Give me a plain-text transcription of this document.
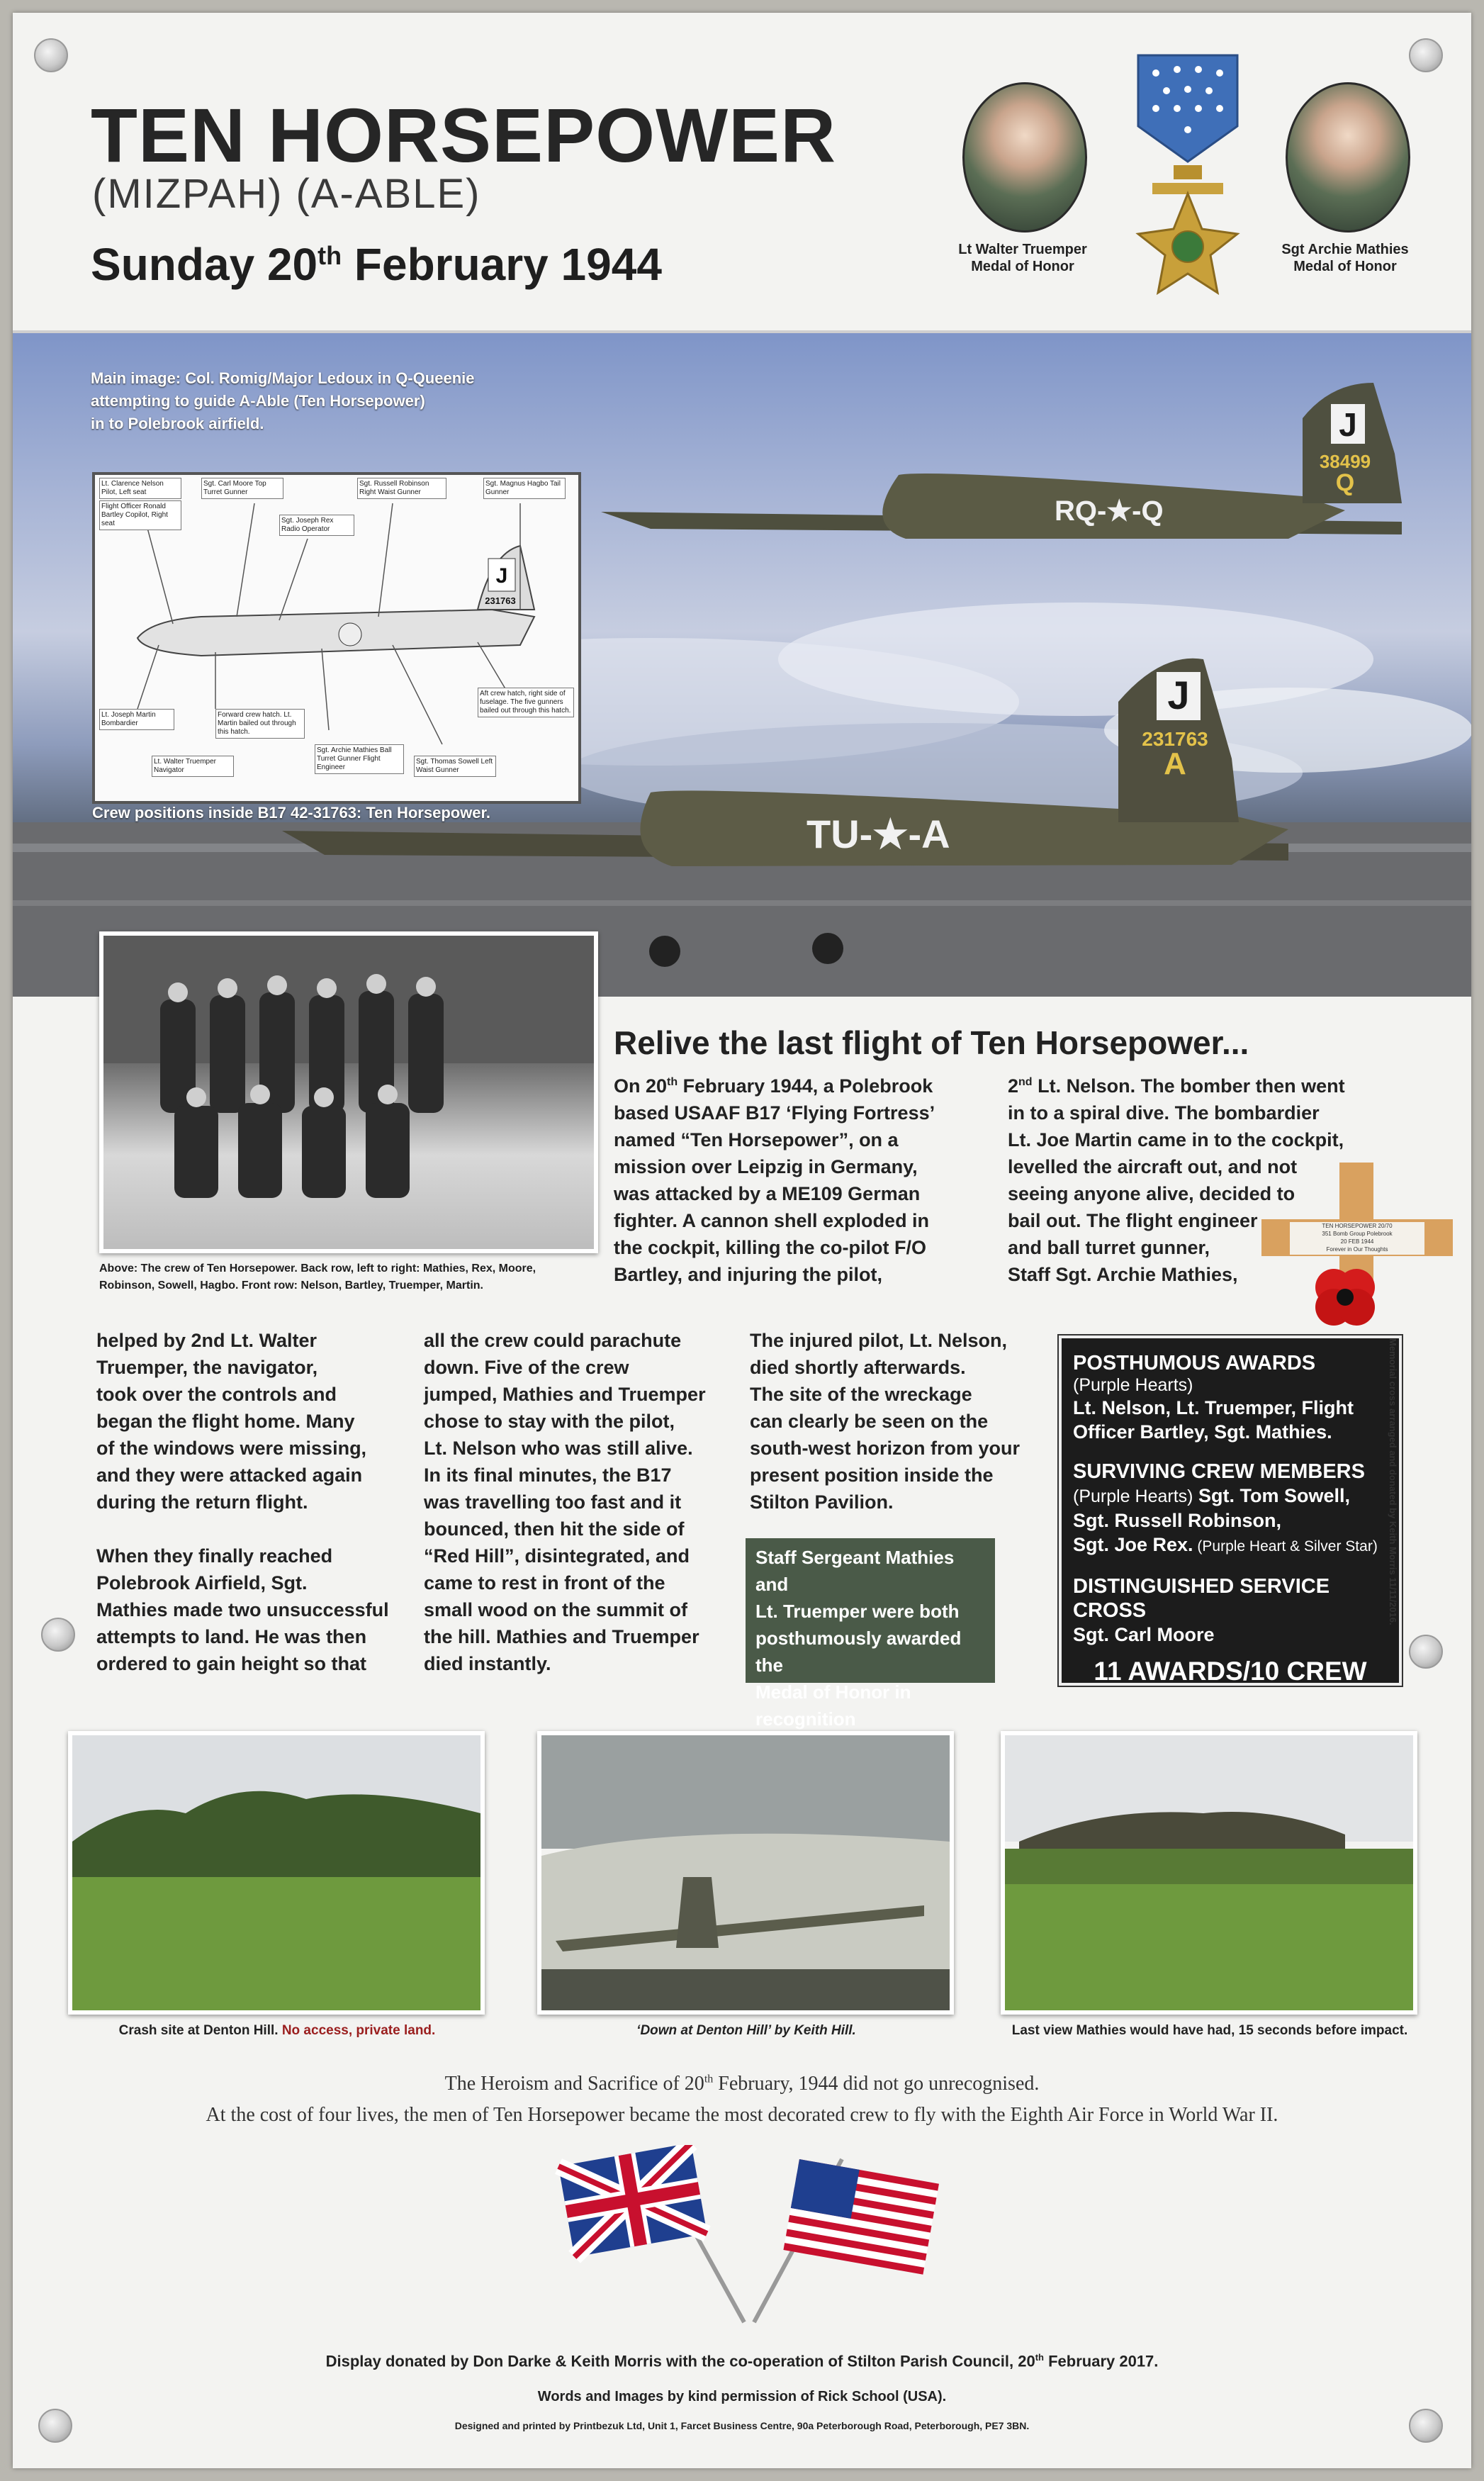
TEN HORSEPOWER
(MIZPAH) (A-ABLE)
Sunday 20th February 1944	Lt Walter Truemper
Medal of Honor
Sgt Archie Mathies
Medal of Honor
J
38499
Q
RQ-★-Q
J
231763
A
TU-★-A
Main image: Col. Romig/Major Ledoux in Q-Queenie
attempting to guide A-Able (Ten Horsepower)
in to Polebrook airfield.
J
231763
Lt. Clarence Nelson Pilot, Left seat
Flight Officer Ronald Bartley Copilot, Right seat
Sgt. Carl Moore Top Turret Gunner
Sgt. Joseph Rex Radio Operator
Sgt. Russell Robinson Right Waist Gunner
Sgt. Magnus Hagbo Tail Gunner
Lt. Joseph Martin Bombardier
Lt. Walter Truemper Navigator
Forward crew hatch. Lt. Martin bailed out through this hatch.
Sgt. Archie Mathies Ball Turret Gunner Flight Engineer
Sgt. Thomas Sowell Left Waist Gunner
Aft crew hatch, right side of fuselage. The five gunners bailed out through this hatch.
Crew positions inside B17 42-31763: Ten Horsepower.
Above: The crew of Ten Horsepower. Back row, left to right: Mathies, Rex, Moore,
Robinson, Sowell, Hagbo. Front row: Nelson, Bartley, Truemper, Martin.
Relive the last flight of Ten Horsepower...
On 20th February 1944, a Polebrook
based USAAF B17 ‘Flying Fortress’
named “Ten Horsepower”, on a
mission over Leipzig in Germany,
was attacked by a ME109 German
fighter. A cannon shell exploded in
the cockpit, killing the co-pilot F/O
Bartley, and injuring the pilot,
2nd Lt. Nelson. The bomber then went
in to a spiral dive. The bombardier
Lt. Joe Martin came in to the cockpit,
levelled the aircraft out, and not
seeing anyone alive, decided to
bail out. The flight engineer
and ball turret gunner,
Staff Sgt. Archie Mathies,
TEN HORSEPOWER 20/70
351 Bomb Group Polebrook
20 FEB 1944
Forever in Our Thoughts
helped by 2nd Lt. Walter
Truemper, the navigator,
took over the controls and
began the flight home. Many
of the windows were missing,
and they were attacked again
during the return flight.
When they finally reached
Polebrook Airfield, Sgt.
Mathies made two unsuccessful
attempts to land. He was then
ordered to gain height so that
all the crew could parachute
down. Five of the crew
jumped, Mathies and Truemper
chose to stay with the pilot,
Lt. Nelson who was still alive.
In its final minutes, the B17
was travelling too fast and it
bounced, then hit the side of
“Red Hill”, disintegrated, and
came to rest in front of the
small wood on the summit of
the hill. Mathies and Truemper
died instantly.
The injured pilot, Lt. Nelson,
died shortly afterwards.
The site of the wreckage
can clearly be seen on the
south-west horizon from your
present position inside the
Stilton Pavilion.
Staff Sergeant Mathies and
Lt. Truemper were both
posthumously awarded the
Medal of Honor in recognition
POSTHUMOUS AWARDS
(Purple Hearts)
Lt. Nelson, Lt. Truemper, Flight
Officer Bartley, Sgt. Mathies.
SURVIVING CREW MEMBERS
(Purple Hearts) Sgt. Tom Sowell,
Sgt. Russell Robinson,
Sgt. Joe Rex. (Purple Heart & Silver Star)
DISTINGUISHED SERVICE CROSS
Sgt. Carl Moore
11 AWARDS/10 CREW
Memorial cross arranged and donated by Keith Morris 11/11/2016.
Crash site at Denton Hill. No access, private land.	‘Down at Denton Hill’ by Keith Hill.	Last view Mathies would have had, 15 seconds before impact.
The Heroism and Sacrifice of 20th February, 1944 did not go unrecognised.
At the cost of four lives, the men of Ten Horsepower became the most decorated crew to fly with the Eighth Air Force in World War II.
Display donated by Don Darke & Keith Morris with the co-operation of Stilton Parish Council, 20th February 2017.
Words and Images by kind permission of Rick School (USA).
Designed and printed by Printbezuk Ltd, Unit 1, Farcet Business Centre, 90a Peterborough Road, Peterborough, PE7 3BN.
